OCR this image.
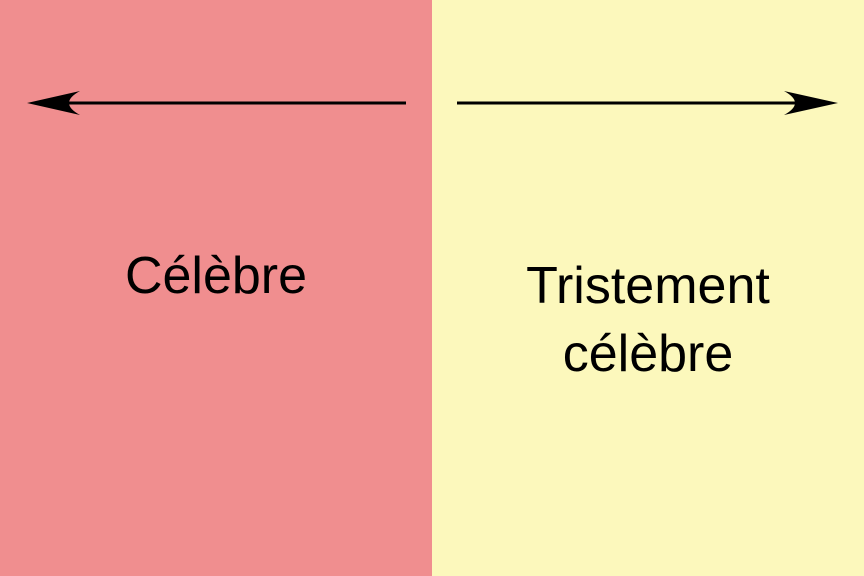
Célèbre	Tristement
célèbre
